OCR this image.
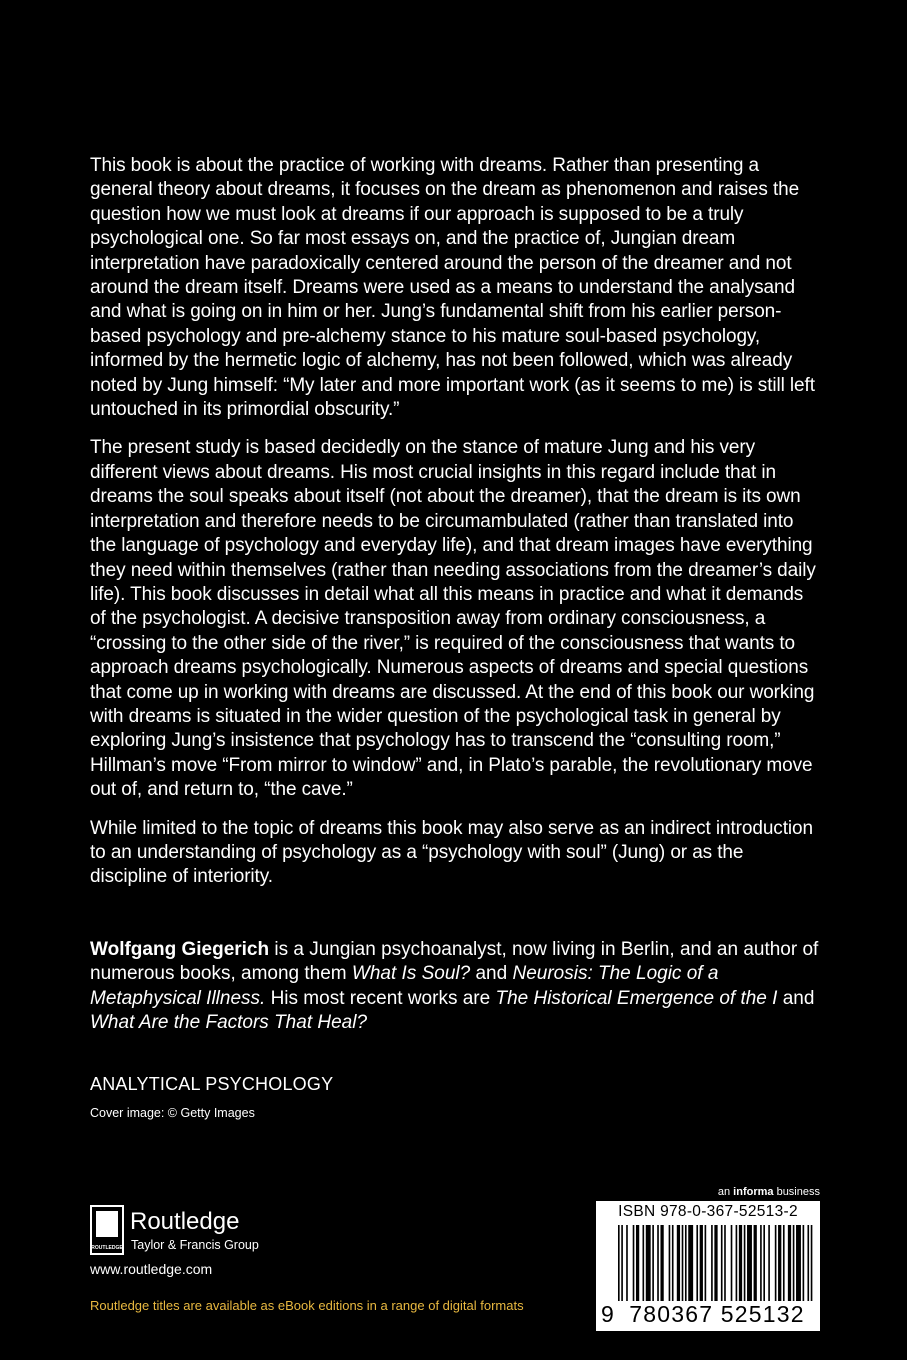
This book is about the practice of working with dreams. Rather than presenting a general theory about dreams, it focuses on the dream as phenomenon and raises the question how we must look at dreams if our approach is supposed to be a truly psychological one. So far most essays on, and the practice of, Jungian dream interpretation have paradoxically centered around the person of the dreamer and not around the dream itself. Dreams were used as a means to understand the analysand and what is going on in him or her. Jung’s fundamental shift from his earlier person-based psychology and pre-alchemy stance to his mature soul-based psychology, informed by the hermetic logic of alchemy, has not been followed, which was already noted by Jung himself: “My later and more important work (as it seems to me) is still left untouched in its primordial obscurity.”

The present study is based decidedly on the stance of mature Jung and his very different views about dreams. His most crucial insights in this regard include that in dreams the soul speaks about itself (not about the dreamer), that the dream is its own interpretation and therefore needs to be circumambulated (rather than translated into the language of psychology and everyday life), and that dream images have everything they need within themselves (rather than needing associations from the dreamer’s daily life). This book discusses in detail what all this means in practice and what it demands of the psychologist. A decisive transposition away from ordinary consciousness, a “crossing to the other side of the river,” is required of the consciousness that wants to approach dreams psychologically. Numerous aspects of dreams and special questions that come up in working with dreams are discussed. At the end of this book our working with dreams is situated in the wider question of the psychological task in general by exploring Jung’s insistence that psychology has to transcend the “consulting room,” Hillman’s move “From mirror to window” and, in Plato’s parable, the revolutionary move out of, and return to, “the cave.”

While limited to the topic of dreams this book may also serve as an indirect introduction to an understanding of psychology as a “psychology with soul” (Jung) or as the discipline of interiority.

Wolfgang Giegerich is a Jungian psychoanalyst, now living in Berlin, and an author of numerous books, among them What Is Soul? and Neurosis: The Logic of a Metaphysical Illness. His most recent works are The Historical Emergence of the I and What Are the Factors That Heal?

ANALYTICAL PSYCHOLOGY
Cover image: © Getty Images
ROUTLEDGE
Routledge
Taylor & Francis Group
www.routledge.com
Routledge titles are available as eBook editions in a range of digital formats
an informa business
ISBN 978-0-367-52513-2
9 780367 525132
